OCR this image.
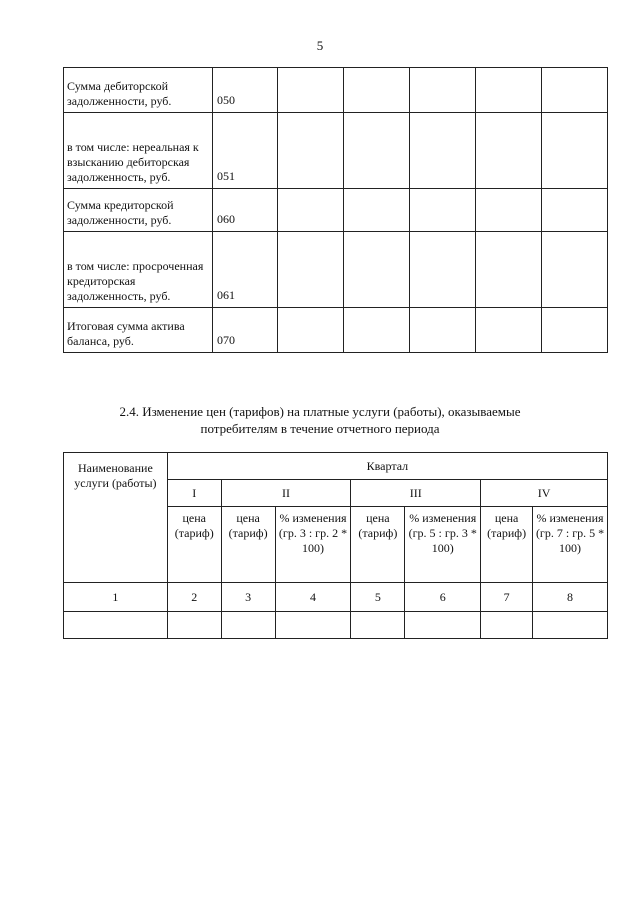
5
Сумма дебиторской задолженности, руб.	050					
в том числе: нереальная к взысканию дебиторская задолженность, руб.	051					
Сумма кредиторской задолженности, руб.	060					
в том числе: просроченная кредиторская задолженность, руб.	061					
Итоговая сумма актива баланса, руб.	070					
2.4. Изменение цен (тарифов) на платные услуги (работы), оказываемые
потребителям в течение отчетного периода
Наименование услуги (работы)	Квартал						
	I	II		III		IV	
	цена (тариф)	цена (тариф)	% изменения (гр. 3 : гр. 2 * 100)	цена (тариф)	% изменения (гр. 5 : гр. 3 * 100)	цена (тариф)	% изменения (гр. 7 : гр. 5 * 100)
1	2	3	4	5	6	7	8
